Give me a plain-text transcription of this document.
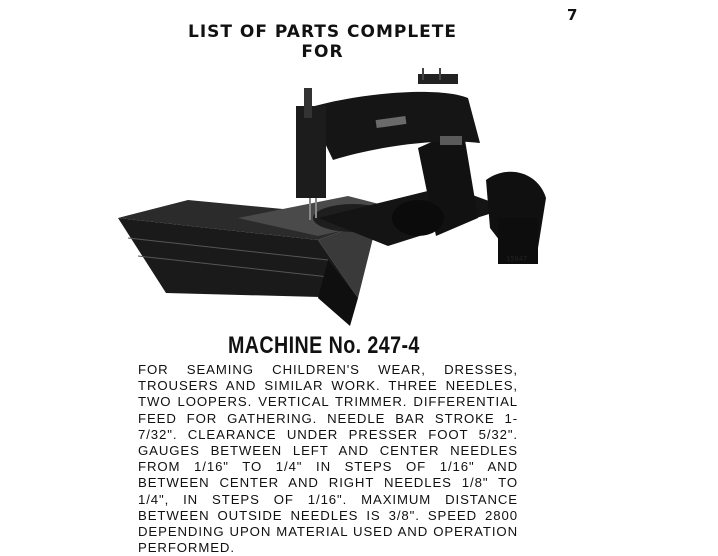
7
LIST OF PARTS COMPLETE
FOR
15947
MACHINE No. 247-4
FOR SEAMING CHILDREN'S WEAR, DRESSES, TROUSERS AND SIMILAR WORK. THREE NEEDLES, TWO LOOPERS. VERTICAL TRIMMER. DIFFERENTIAL FEED FOR GATHERING. NEEDLE BAR STROKE 1-7/32". CLEARANCE UNDER PRESSER FOOT 5/32". GAUGES BETWEEN LEFT AND CENTER NEEDLES FROM 1/16" TO 1/4" IN STEPS OF 1/16" AND BETWEEN CENTER AND RIGHT NEEDLES 1/8" TO 1/4", IN STEPS OF 1/16". MAXIMUM DISTANCE BETWEEN OUTSIDE NEEDLES IS 3/8". SPEED 2800 DEPENDING UPON MATERIAL USED AND OPERATION PERFORMED.
